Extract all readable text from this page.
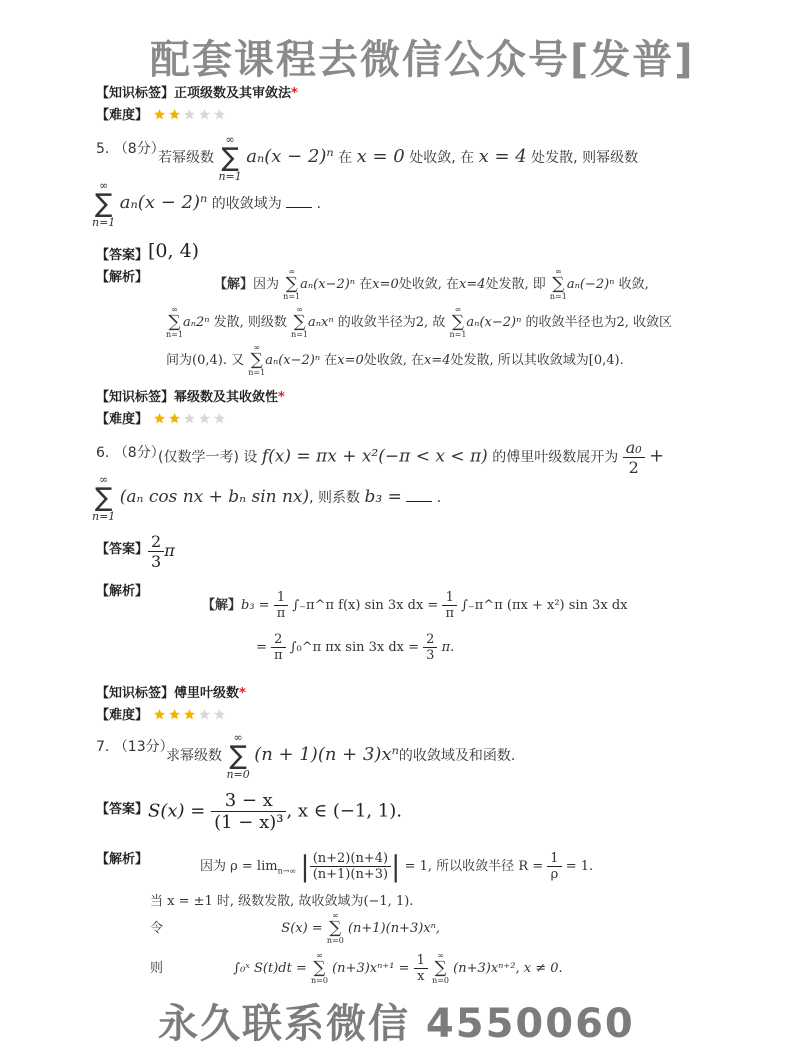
配套课程去微信公众号[发普]
【知识标签】正项级数及其审敛法*
【难度】
5. （8分）
若幂级数
∞
∑
n=1
aₙ(x − 2)ⁿ 在 x = 0 处收敛, 在 x = 4 处发散, 则幂级数
∞
∑
n=1
aₙ(x − 2)ⁿ 的收敛域为  .
【答案】 [0, 4)
【解析】	【解】因为
∞
∑
n=1
aₙ(x−2)ⁿ 在x=0处收敛, 在x=4处发散, 即
∞
∑
n=1
aₙ(−2)ⁿ 收敛,
∞
∑
n=1
aₙ2ⁿ 发散, 则级数
∞
∑
n=1
aₙxⁿ 的收敛半径为2, 故
∞
∑
n=1
aₙ(x−2)ⁿ 的收敛半径也为2, 收敛区
间为(0,4). 又
∞
∑
n=1
aₙ(x−2)ⁿ 在x=0处收敛, 在x=4处发散, 所以其收敛域为[0,4).
【知识标签】幂级数及其收敛性*
【难度】
6. （8分）
(仅数学一考) 设 f(x) = πx + x²(−π < x < π) 的傅里叶级数展开为 $\frac{\text{a₀}}{2}$ +
∞
∑
n=1
(aₙ cos nx + bₙ sin nx), 则系数 b₃ =  .
【答案】 $\frac{2}{3}$ π
【解析】
【解】$b_3 = \frac{1}{\pi}$ ∫₋π^π f(x) sin 3x dx = $\frac{1}{\pi}$ ∫₋π^π (πx + x²) sin 3x dx
= $\frac{2}{\pi}$ ∫₀^π πx sin 3x dx = $\frac{2}{3} \pi$.
【知识标签】傅里叶级数*
【难度】
7. （13分）
求幂级数
∞
∑
n=0
(n + 1)(n + 3)xⁿ的收敛域及和函数.
【答案】 $S(x) = \frac{3 - x}{\text{(1 − x)³}}$ , x ∈ (−1, 1).
【解析】	因为 $\rho = \lim_{n\to\infty}$ | $\frac{(n+2)(n+4)}{(n+1)(n+3)}$ | = 1, 所以收敛半径 $R = \frac{1}{\rho} = 1$.
当 x = ±1 时, 级数发散, 故收敛域为(−1, 1).
令	S(x) =
∞
∑
n=0
(n+1)(n+3)xⁿ,
则	∫₀ˣ S(t)dt =
∞
∑
n=0
$(n+3)x^{n+1} = \frac{1}{x}$
	∞
∑
n=0
(n+3)xⁿ⁺², x ≠ 0.
永久联系微信 4550060
